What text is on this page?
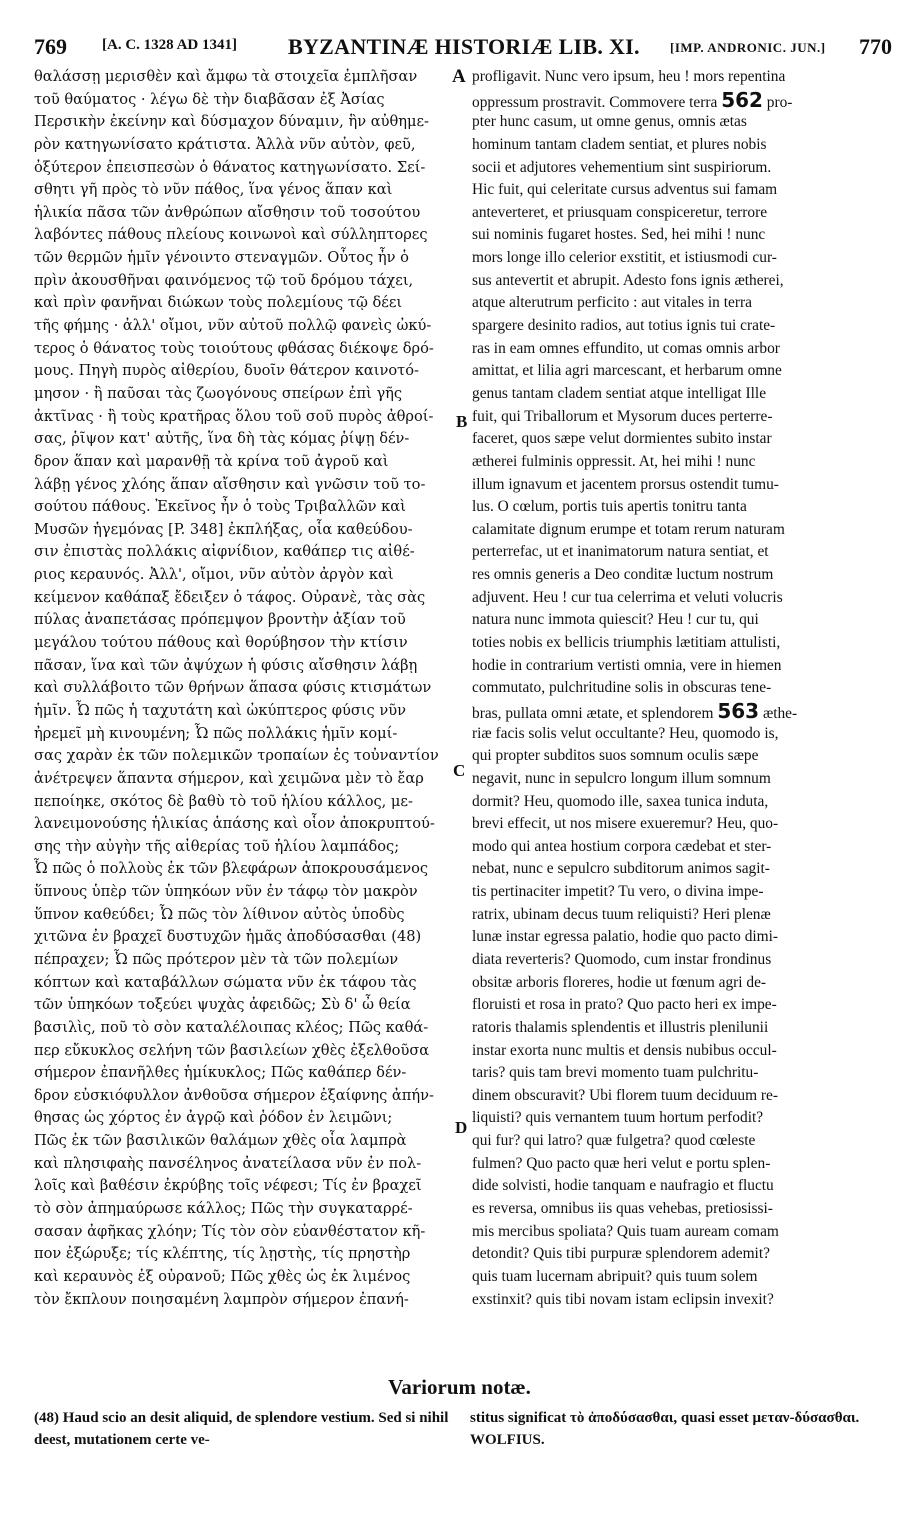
769 [A. C. 1328 AD 1341] BYZANTINÆ HISTORIÆ LIB. XI. [IMP. ANDRONIC. JUN.] 770
θαλάσσῃ μερισθὲν καὶ ἄμφω τὰ στοιχεῖα ἐμπλῆσαν
τοῦ θαύματος · λέγω δὲ τὴν διαβᾶσαν ἐξ Ἀσίας
Περσικὴν ἐκείνην καὶ δύσμαχον δύναμιν, ἣν αὐθημε-
ρὸν κατηγωνίσατο κράτιστα. Ἀλλὰ νῦν αὐτὸν, φεῦ,
ὀξύτερον ἐπεισπεσὼν ὁ θάνατος κατηγωνίσατο. Σεί-
σθητι γῆ πρὸς τὸ νῦν πάθος, ἵνα γένος ἅπαν καὶ
ἡλικία πᾶσα τῶν ἀνθρώπων αἴσθησιν τοῦ τοσούτου
λαβόντες πάθους πλείους κοινωνοὶ καὶ σύλληπτορες
τῶν θερμῶν ἡμῖν γένοιντο στεναγμῶν. Οὗτος ἦν ὁ
πρὶν ἀκουσθῆναι φαινόμενος τῷ τοῦ δρόμου τάχει,
καὶ πρὶν φανῆναι διώκων τοὺς πολεμίους τῷ δέει
τῆς φήμης · ἀλλ' οἴμοι, νῦν αὐτοῦ πολλῷ φανεὶς ὠκύ-
τερος ὁ θάνατος τοὺς τοιούτους φθάσας διέκοψε δρό-
μους. Πηγὴ πυρὸς αἰθερίου, δυοῖν θάτερον καινοτό-
μησον · ἢ παῦσαι τὰς ζωογόνους σπείρων ἐπὶ γῆς
ἀκτῖνας · ἢ τοὺς κρατῆρας ὅλου τοῦ σοῦ πυρὸς ἀθροί-
σας, ῥῖψον κατ' αὐτῆς, ἵνα δὴ τὰς κόμας ῥίψῃ δέν-
δρον ἅπαν καὶ μαρανθῇ τὰ κρίνα τοῦ ἀγροῦ καὶ
λάβῃ γένος χλόης ἅπαν αἴσθησιν καὶ γνῶσιν τοῦ το-
σούτου πάθους. Ἐκεῖνος ἦν ὁ τοὺς Τριβαλλῶν καὶ
Μυσῶν ἡγεμόνας [P. 348] ἐκπλήξας, οἷα καθεύδου-
σιν ἐπιστὰς πολλάκις αἰφνίδιον, καθάπερ τις αἰθέ-
ριος κεραυνός. Ἀλλ', οἴμοι, νῦν αὐτὸν ἀργὸν καὶ
κείμενον καθάπαξ ἔδειξεν ὁ τάφος. Οὐρανὲ, τὰς σὰς
πύλας ἀναπετάσας πρόπεμψον βροντὴν ἀξίαν τοῦ
μεγάλου τούτου πάθους καὶ θορύβησον τὴν κτίσιν
πᾶσαν, ἵνα καὶ τῶν ἀψύχων ἡ φύσις αἴσθησιν λάβῃ
καὶ συλλάβοιτο τῶν θρήνων ἅπασα φύσις κτισμάτων
ἡμῖν. Ὦ πῶς ἡ ταχυτάτη καὶ ὠκύπτερος φύσις νῦν
ἠρεμεῖ μὴ κινουμένη; Ὦ πῶς πολλάκις ἡμῖν κομί-
σας χαρὰν ἐκ τῶν πολεμικῶν τροπαίων ἐς τοὐναντίον
ἀνέτρεψεν ἅπαντα σήμερον, καὶ χειμῶνα μὲν τὸ ἔαρ
πεποίηκε, σκότος δὲ βαθὺ τὸ τοῦ ἡλίου κάλλος, με-
λανειμονούσης ἡλικίας ἁπάσης καὶ οἷον ἀποκρυπτού-
σης τὴν αὐγὴν τῆς αἰθερίας τοῦ ἡλίου λαμπάδος;
Ὦ πῶς ὁ πολλοὺς ἐκ τῶν βλεφάρων ἀποκρουσάμενος
ὕπνους ὑπὲρ τῶν ὑπηκόων νῦν ἐν τάφῳ τὸν μακρὸν
ὕπνον καθεύδει; Ὦ πῶς τὸν λίθινον αὐτὸς ὑποδὺς
χιτῶνα ἐν βραχεῖ δυστυχῶν ἡμᾶς ἀποδύσασθαι (48)
πέπραχεν; Ὦ πῶς πρότερον μὲν τὰ τῶν πολεμίων
κόπτων καὶ καταβάλλων σώματα νῦν ἐκ τάφου τὰς
τῶν ὑπηκόων τοξεύει ψυχὰς ἀφειδῶς; Σὺ δ' ὦ θεία
βασιλὶς, ποῦ τὸ σὸν καταλέλοιπας κλέος; Πῶς καθά-
περ εὔκυκλος σελήνη τῶν βασιλείων χθὲς ἐξελθοῦσα
σήμερον ἐπανῆλθες ἡμίκυκλος; Πῶς καθάπερ δέν-
δρον εὐσκιόφυλλον ἀνθοῦσα σήμερον ἐξαίφνης ἀπήν-
θησας ὡς χόρτος ἐν ἀγρῷ καὶ ῥόδον ἐν λειμῶνι;
Πῶς ἐκ τῶν βασιλικῶν θαλάμων χθὲς οἷα λαμπρὰ
καὶ πλησιφαὴς πανσέληνος ἀνατείλασα νῦν ἐν πολ-
λοῖς καὶ βαθέσιν ἐκρύβης τοῖς νέφεσι; Τίς ἐν βραχεῖ
τὸ σὸν ἀπημαύρωσε κάλλος; Πῶς τὴν συγκαταρρέ-
σασαν ἀφῆκας χλόην; Τίς τὸν σὸν εὐανθέστατον κῆ-
πον ἐξώρυξε; τίς κλέπτης, τίς λῃστὴς, τίς πρηστὴρ
καὶ κεραυνὸς ἐξ οὐρανοῦ; Πῶς χθὲς ὡς ἐκ λιμένος
τὸν ἔκπλουν ποιησαμένη λαμπρὸν σήμερον ἐπανή-
A
B
C
D
profligavit. Nunc vero ipsum, heu ! mors repentina
oppressum prostravit. Commovere terra 562 pro-
pter hunc casum, ut omne genus, omnis ætas
hominum tantam cladem sentiat, et plures nobis
socii et adjutores vehementium sint suspiriorum.
Hic fuit, qui celeritate cursus adventus sui famam
anteverteret, et priusquam conspiceretur, terrore
sui nominis fugaret hostes. Sed, hei mihi ! nunc
mors longe illo celerior exstitit, et istiusmodi cur-
sus antevertit et abrupit. Adesto fons ignis ætherei,
atque alterutrum perficito : aut vitales in terra
spargere desinito radios, aut totius ignis tui crate-
ras in eam omnes effundito, ut comas omnis arbor
amittat, et lilia agri marcescant, et herbarum omne
genus tantam cladem sentiat atque intelligat Ille
fuit, qui Triballorum et Mysorum duces perterre-
faceret, quos sæpe velut dormientes subito instar
ætherei fulminis oppressit. At, hei mihi ! nunc
illum ignavum et jacentem prorsus ostendit tumu-
lus. O cœlum, portis tuis apertis tonitru tanta
calamitate dignum erumpe et totam rerum naturam
perterrefac, ut et inanimatorum natura sentiat, et
res omnis generis a Deo conditæ luctum nostrum
adjuvent. Heu ! cur tua celerrima et veluti volucris
natura nunc immota quiescit? Heu ! cur tu, qui
toties nobis ex bellicis triumphis lætitiam attulisti,
hodie in contrarium vertisti omnia, vere in hiemen
commutato, pulchritudine solis in obscuras tene-
bras, pullata omni ætate, et splendorem 563 æthe-
riæ facis solis velut occultante? Heu, quomodo is,
qui propter subditos suos somnum oculis sæpe
negavit, nunc in sepulcro longum illum somnum
dormit? Heu, quomodo ille, saxea tunica induta,
brevi effecit, ut nos misere exueremur? Heu, quo-
modo qui antea hostium corpora cædebat et ster-
nebat, nunc e sepulcro subditorum animos sagit-
tis pertinaciter impetit? Tu vero, o divina impe-
ratrix, ubinam decus tuum reliquisti? Heri plenæ
lunæ instar egressa palatio, hodie quo pacto dimi-
diata reverteris? Quomodo, cum instar frondinus
obsitæ arboris floreres, hodie ut fœnum agri de-
floruisti et rosa in prato? Quo pacto heri ex impe-
ratoris thalamis splendentis et illustris plenilunii
instar exorta nunc multis et densis nubibus occul-
taris? quis tam brevi momento tuam pulchritu-
dinem obscuravit? Ubi florem tuum deciduum re-
liquisti? quis vernantem tuum hortum perfodit?
qui fur? qui latro? quæ fulgetra? quod cœleste
fulmen? Quo pacto quæ heri velut e portu splen-
dide solvisti, hodie tanquam e naufragio et fluctu
es reversa, omnibus iis quas vehebas, pretiosissi-
mis mercibus spoliata? Quis tuam auream comam
detondit? Quis tibi purpuræ splendorem ademit?
quis tuam lucernam abripuit? quis tuum solem
exstinxit? quis tibi novam istam eclipsin invexit?
Variorum notæ.
(48) Haud scio an desit aliquid, de splendore vestium. Sed si nihil deest, mutationem certe ve-
stitus significat τὸ ἀποδύσασθαι, quasi esset μεταν-δύσασθαι. WOLFIUS.
